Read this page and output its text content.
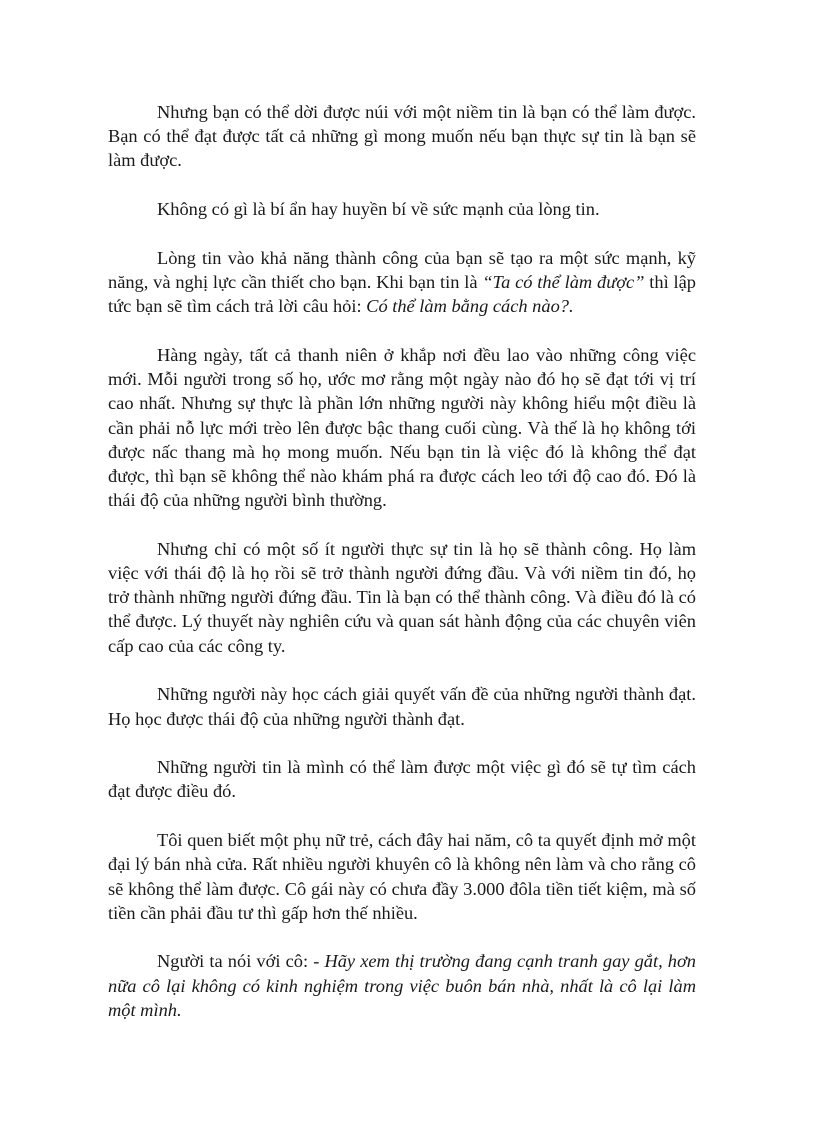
Nhưng bạn có thể dời được núi với một niềm tin là bạn có thể làm được. Bạn có thể đạt được tất cả những gì mong muốn nếu bạn thực sự tin là bạn sẽ làm được.

Không có gì là bí ẩn hay huyền bí về sức mạnh của lòng tin.

Lòng tin vào khả năng thành công của bạn sẽ tạo ra một sức mạnh, kỹ năng, và nghị lực cần thiết cho bạn. Khi bạn tin là “Ta có thể làm được” thì lập tức bạn sẽ tìm cách trả lời câu hỏi: Có thể làm bằng cách nào?.

Hàng ngày, tất cả thanh niên ở khắp nơi đều lao vào những công việc mới. Mỗi người trong số họ, ước mơ rằng một ngày nào đó họ sẽ đạt tới vị trí cao nhất. Nhưng sự thực là phần lớn những người này không hiểu một điều là cần phải nỗ lực mới trèo lên được bậc thang cuối cùng. Và thế là họ không tới được nấc thang mà họ mong muốn. Nếu bạn tin là việc đó là không thể đạt được, thì bạn sẽ không thể nào khám phá ra được cách leo tới độ cao đó. Đó là thái độ của những người bình thường.

Nhưng chỉ có một số ít người thực sự tin là họ sẽ thành công. Họ làm việc với thái độ là họ rồi sẽ trở thành người đứng đầu. Và với niềm tin đó, họ trở thành những người đứng đầu. Tin là bạn có thể thành công. Và điều đó là có thể được. Lý thuyết này nghiên cứu và quan sát hành động của các chuyên viên cấp cao của các công ty.

Những người này học cách giải quyết vấn đề của những người thành đạt. Họ học được thái độ của những người thành đạt.

Những người tin là mình có thể làm được một việc gì đó sẽ tự tìm cách đạt được điều đó.

Tôi quen biết một phụ nữ trẻ, cách đây hai năm, cô ta quyết định mở một đại lý bán nhà cửa. Rất nhiều người khuyên cô là không nên làm và cho rằng cô sẽ không thể làm được. Cô gái này có chưa đầy 3.000 đôla tiền tiết kiệm, mà số tiền cần phải đầu tư thì gấp hơn thế nhiều.

Người ta nói với cô: - Hãy xem thị trường đang cạnh tranh gay gắt, hơn nữa cô lại không có kinh nghiệm trong việc buôn bán nhà, nhất là cô lại làm một mình.
